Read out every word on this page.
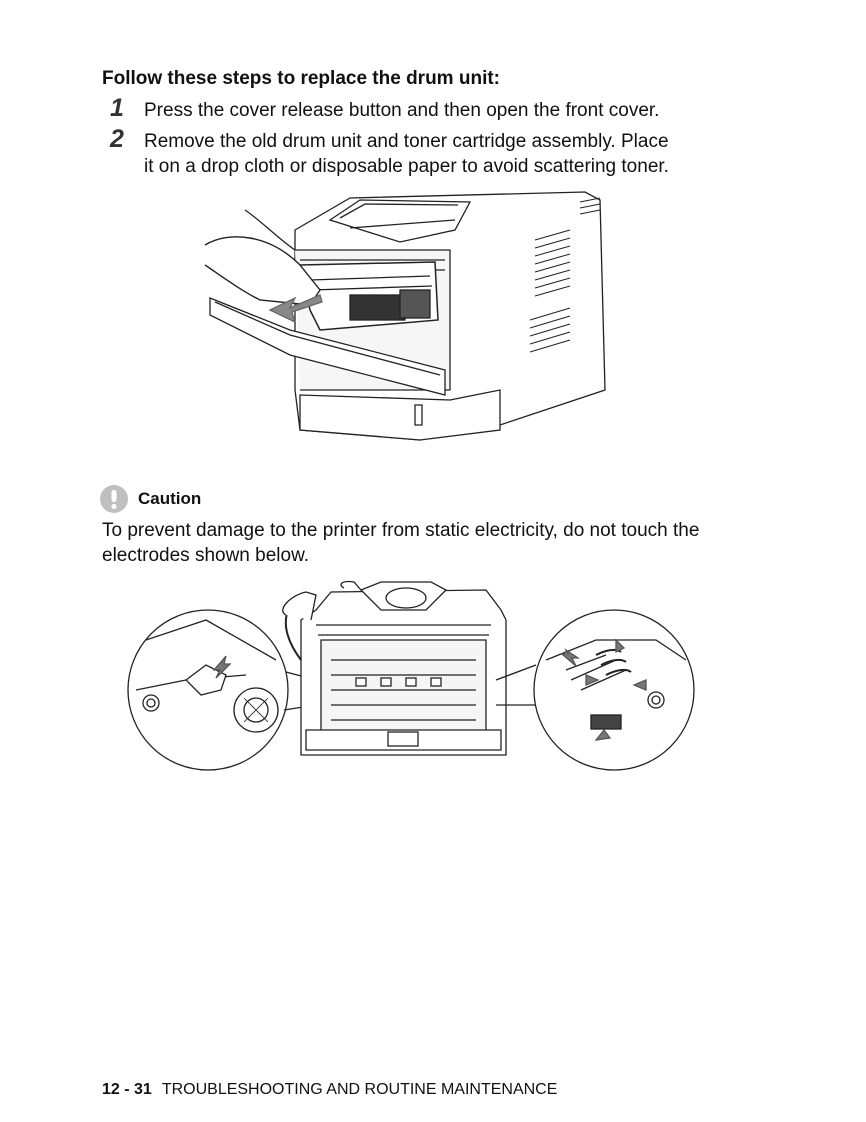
Follow these steps to replace the drum unit:
1 Press the cover release button and then open the front cover.
2 Remove the old drum unit and toner cartridge assembly. Place
it on a drop cloth or disposable paper to avoid scattering toner.
Caution
To prevent damage to the printer from static electricity, do not touch the electrodes shown below.
12 - 31 TROUBLESHOOTING AND ROUTINE MAINTENANCE
